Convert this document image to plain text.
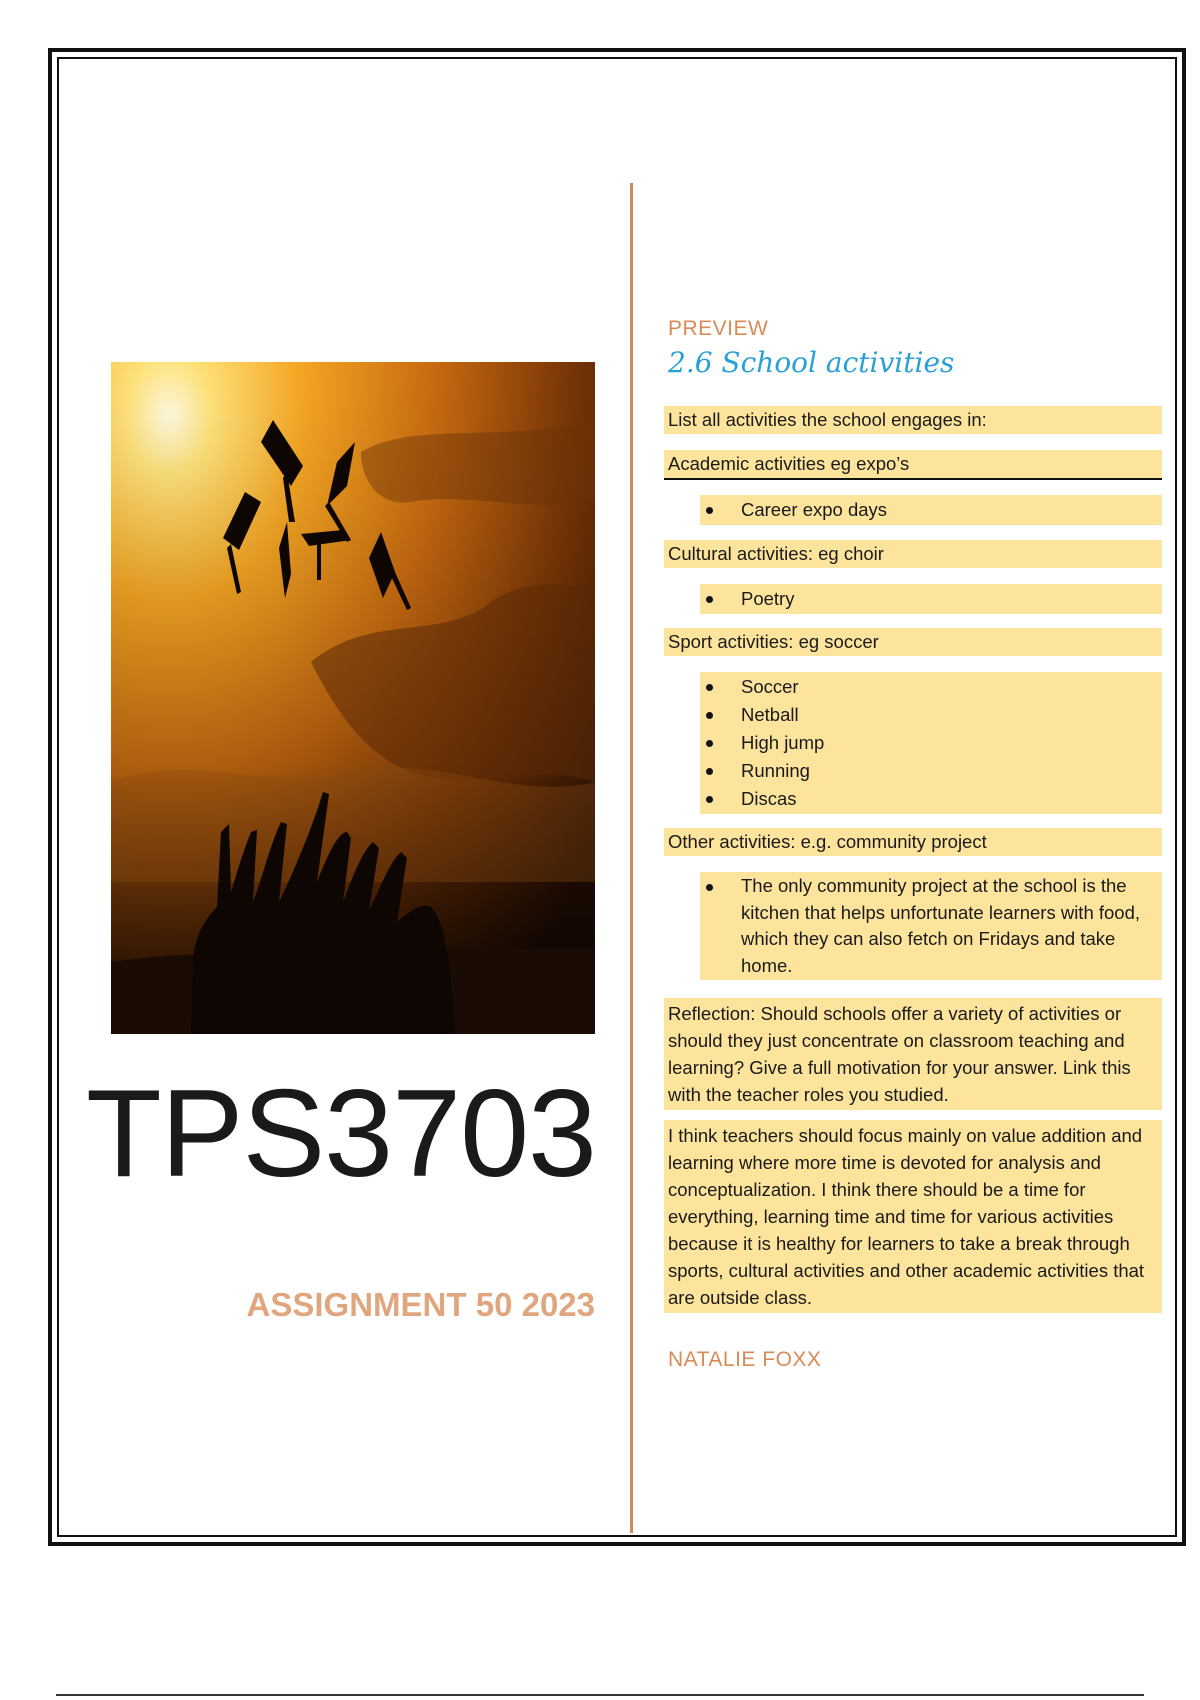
TPS3703
ASSIGNMENT 50 2023
PREVIEW
2.6 School activities
List all activities the school engages in:
Academic activities eg expo’s
Career expo days
Cultural activities: eg choir
Poetry
Sport activities: eg soccer
Soccer
Netball
High jump
Running
Discas
Other activities: e.g. community project
The only community project at the school is the kitchen that helps unfortunate learners with food, which they can also fetch on Fridays and take home.
Reflection: Should schools offer a variety of activities or should they just concentrate on classroom teaching and learning? Give a full motivation for your answer. Link this with the teacher roles you studied.
I think teachers should focus mainly on value addition and learning where more time is devoted for analysis and conceptualization. I think there should be a time for everything, learning time and time for various activities because it is healthy for learners to take a break through sports, cultural activities and other academic activities that are outside class.
NATALIE FOXX
